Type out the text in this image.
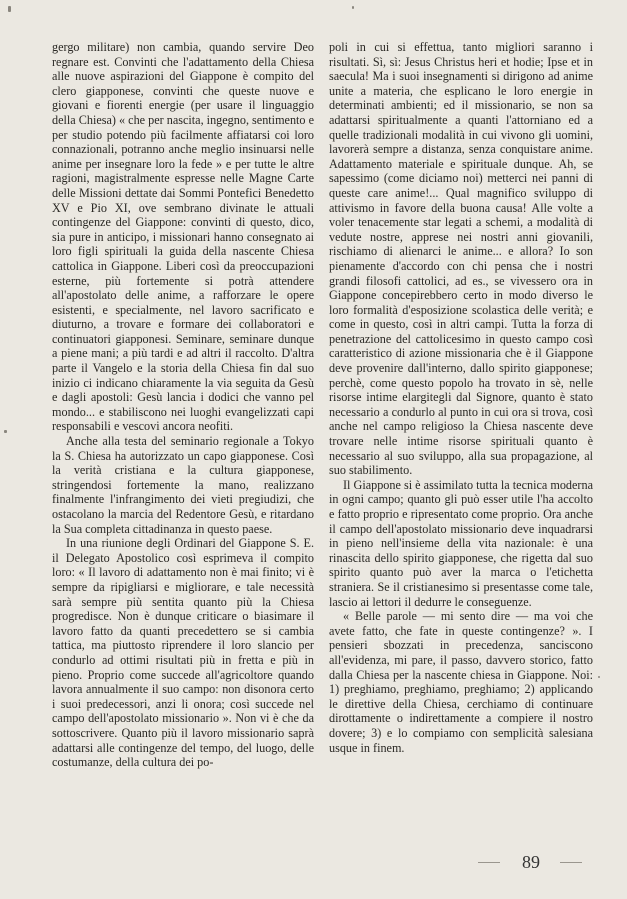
gergo militare) non cambia, quando servire Deo regnare est. Convinti che l'adattamento della Chiesa alle nuove aspirazioni del Giappone è compito del clero giapponese, convinti che queste nuove e giovani e fiorenti energie (per usare il linguaggio della Chiesa) « che per nascita, ingegno, sentimento e per studio potendo più facilmente affiatarsi coi loro connazionali, potranno anche meglio insinuarsi nelle anime per insegnare loro la fede » e per tutte le altre ragioni, magistralmente espresse nelle Magne Carte delle Missioni dettate dai Sommi Pontefici Benedetto XV e Pio XI, ove sembrano divinate le attuali contingenze del Giappone: convinti di questo, dico, sia pure in anticipo, i missionari hanno consegnato ai loro figli spirituali la guida della nascente Chiesa cattolica in Giappone. Liberi così da preoccupazioni esterne, più fortemente si potrà attendere all'apostolato delle anime, a rafforzare le opere esistenti, e specialmente, nel lavoro sacrificato e diuturno, a trovare e formare dei collaboratori e continuatori giapponesi. Seminare, seminare dunque a piene mani; a più tardi e ad altri il raccolto. D'altra parte il Vangelo e la storia della Chiesa fin dal suo inizio ci indicano chiaramente la via seguita da Gesù e dagli apostoli: Gesù lancia i dodici che vanno pel mondo... e stabiliscono nei luoghi evangelizzati capi responsabili e vescovi ancora neofiti.

Anche alla testa del seminario regionale a Tokyo la S. Chiesa ha autorizzato un capo giapponese. Così la verità cristiana e la cultura giapponese, stringendosi fortemente la mano, realizzano finalmente l'infrangimento dei vieti pregiudizi, che ostacolano la marcia del Redentore Gesù, e ritardano la Sua completa cittadinanza in questo paese.

In una riunione degli Ordinari del Giappone S. E. il Delegato Apostolico così esprimeva il compito loro: « Il lavoro di adattamento non è mai finito; vi è sempre da ripigliarsi e migliorare, e tale necessità sarà sempre più sentita quanto più la Chiesa progredisce. Non è dunque criticare o biasimare il lavoro fatto da quanti precedettero se si cambia tattica, ma piuttosto riprendere il loro slancio per condurlo ad ottimi risultati più in fretta e più in pieno. Proprio come succede all'agricoltore quando lavora annualmente il suo campo: non disonora certo i suoi predecessori, anzi li onora; così succede nel campo dell'apostolato missionario ». Non vi è che da sottoscrivere. Quanto più il lavoro missionario saprà adattarsi alle contingenze del tempo, del luogo, delle costumanze, della cultura dei po-

poli in cui si effettua, tanto migliori saranno i risultati. Sì, sì: Jesus Christus heri et hodie; Ipse et in saecula! Ma i suoi insegnamenti si dirigono ad anime unite a materia, che esplicano le loro energie in determinati ambienti; ed il missionario, se non sa adattarsi spiritualmente a quanti l'attorniano ed a quelle tradizionali modalità in cui vivono gli uomini, lavorerà sempre a distanza, senza conquistare anime. Adattamento materiale e spirituale dunque. Ah, se sapessimo (come diciamo noi) metterci nei panni di queste care anime!... Qual magnifico sviluppo di attivismo in favore della buona causa! Alle volte a voler tenacemente star legati a schemi, a modalità di vedute nostre, apprese nei nostri anni giovanili, rischiamo di alienarci le anime... e allora? Io son pienamente d'accordo con chi pensa che i nostri grandi filosofi cattolici, ad es., se vivessero ora in Giappone concepirebbero certo in modo diverso le loro formalità d'esposizione scolastica delle verità; e come in questo, così in altri campi. Tutta la forza di penetrazione del cattolicesimo in questo campo così caratteristico di azione missionaria che è il Giappone deve provenire dall'interno, dallo spirito giapponese; perchè, come questo popolo ha trovato in sè, nelle risorse intime elargitegli dal Signore, quanto è stato necessario a condurlo al punto in cui ora si trova, così anche nel campo religioso la Chiesa nascente deve trovare nelle intime risorse spirituali quanto è necessario al suo sviluppo, alla sua propagazione, al suo stabilimento.

Il Giappone si è assimilato tutta la tecnica moderna in ogni campo; quanto gli può esser utile l'ha accolto e fatto proprio e ripresentato come proprio. Ora anche il campo dell'apostolato missionario deve inquadrarsi in pieno nell'insieme della vita nazionale: è una rinascita dello spirito giapponese, che rigetta dal suo spirito quanto può aver la marca o l'etichetta straniera. Se il cristianesimo si presentasse come tale, lascio ai lettori il dedurre le conseguenze.

« Belle parole — mi sento dire — ma voi che avete fatto, che fate in queste contingenze? ». I pensieri sbozzati in precedenza, sanciscono all'evidenza, mi pare, il passo, davvero storico, fatto dalla Chiesa per la nascente chiesa in Giappone. Noi: 1) preghiamo, preghiamo, preghiamo; 2) applicando le direttive della Chiesa, cerchiamo di continuare dirottamente o indirettamente a compiere il nostro dovere; 3) e lo compiamo con semplicità salesiana usque in finem.

89
